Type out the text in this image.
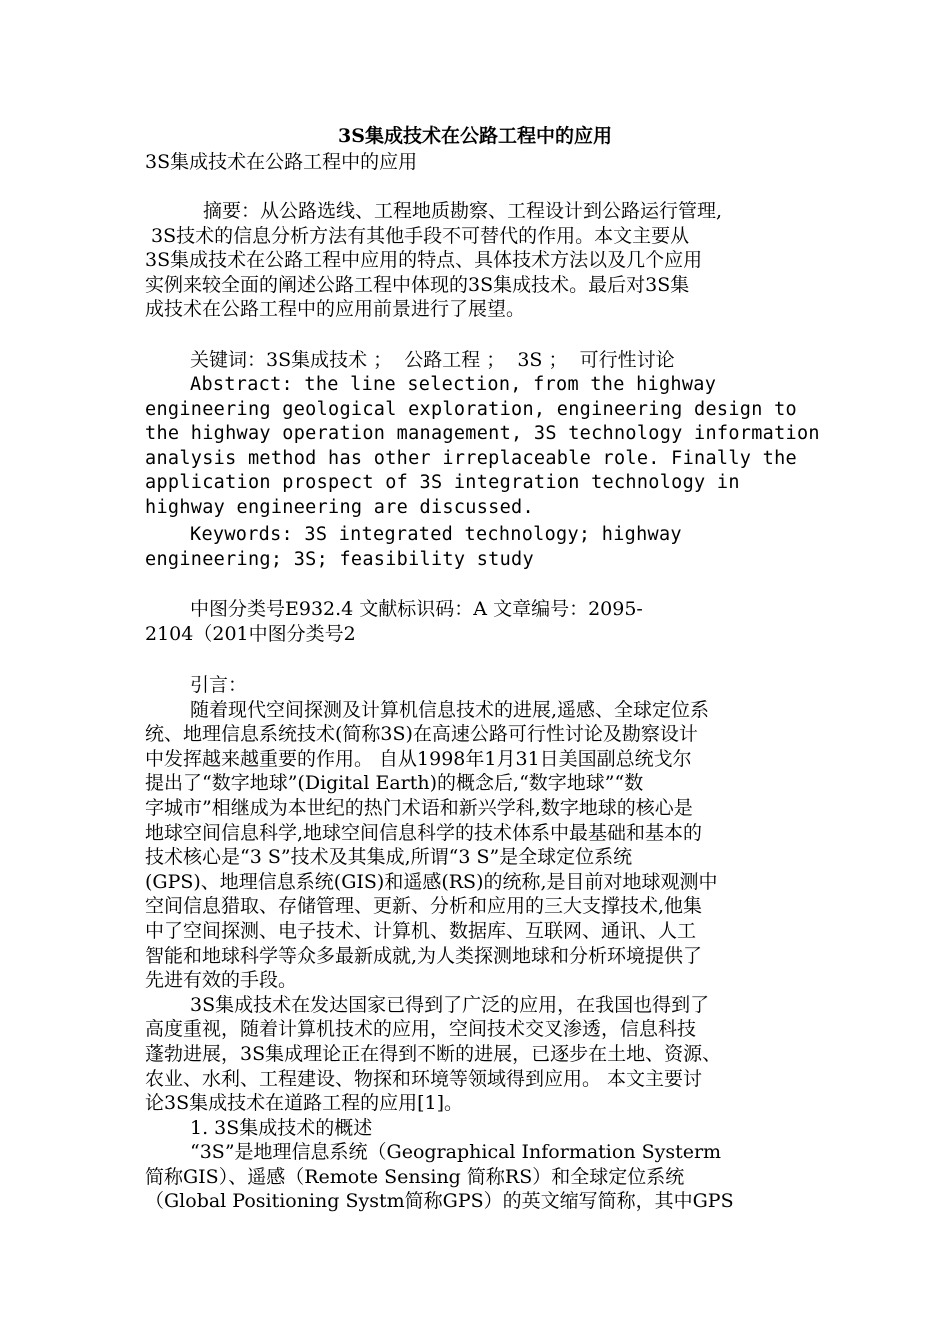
3S集成技术在公路工程中的应用
3S集成技术在公路工程中的应用
摘要：从公路选线、工程地质勘察、工程设计到公路运行管理,
3S技术的信息分析方法有其他手段不可替代的作用。本文主要从
3S集成技术在公路工程中应用的特点、具体技术方法以及几个应用
实例来较全面的阐述公路工程中体现的3S集成技术。最后对3S集
成技术在公路工程中的应用前景进行了展望。
关键词：3S集成技术 ；  公路工程 ；  3S ；  可行性讨论
Abstract: the line selection, from the highway
engineering geological exploration, engineering design to
the highway operation management, 3S technology information
analysis method has other irreplaceable role. Finally the
application prospect of 3S integration technology in
highway engineering are discussed.
Keywords: 3S integrated technology; highway
engineering; 3S; feasibility study
中图分类号E932.4 文献标识码：A 文章编号：2095-
2104（201中图分类号2
引言：
随着现代空间探测及计算机信息技术的进展,遥感、全球定位系
统、地理信息系统技术(简称3S)在高速公路可行性讨论及勘察设计
中发挥越来越重要的作用。 自从1998年1月31日美国副总统戈尔
提出了“数字地球”(Digital Earth)的概念后,“数字地球”“数
字城市”相继成为本世纪的热门术语和新兴学科,数字地球的核心是
地球空间信息科学,地球空间信息科学的技术体系中最基础和基本的
技术核心是“3 S”技术及其集成,所谓“3 S”是全球定位系统
(GPS)、地理信息系统(GIS)和遥感(RS)的统称,是目前对地球观测中
空间信息猎取、存储管理、更新、分析和应用的三大支撑技术,他集
中了空间探测、电子技术、计算机、数据库、互联网、通讯、人工
智能和地球科学等众多最新成就,为人类探测地球和分析环境提供了
先进有效的手段。
3S集成技术在发达国家已得到了广泛的应用，在我国也得到了
高度重视，随着计算机技术的应用，空间技术交叉渗透，信息科技
蓬勃进展，3S集成理论正在得到不断的进展，已逐步在土地、资源、
农业、水利、工程建设、物探和环境等领域得到应用。 本文主要讨
论3S集成技术在道路工程的应用[1]。
1. 3S集成技术的概述
“3S”是地理信息系统（Geographical Information Systerm
简称GIS）、遥感（Remote Sensing 简称RS）和全球定位系统
（Global Positioning Systm简称GPS）的英文缩写简称，其中GPS
